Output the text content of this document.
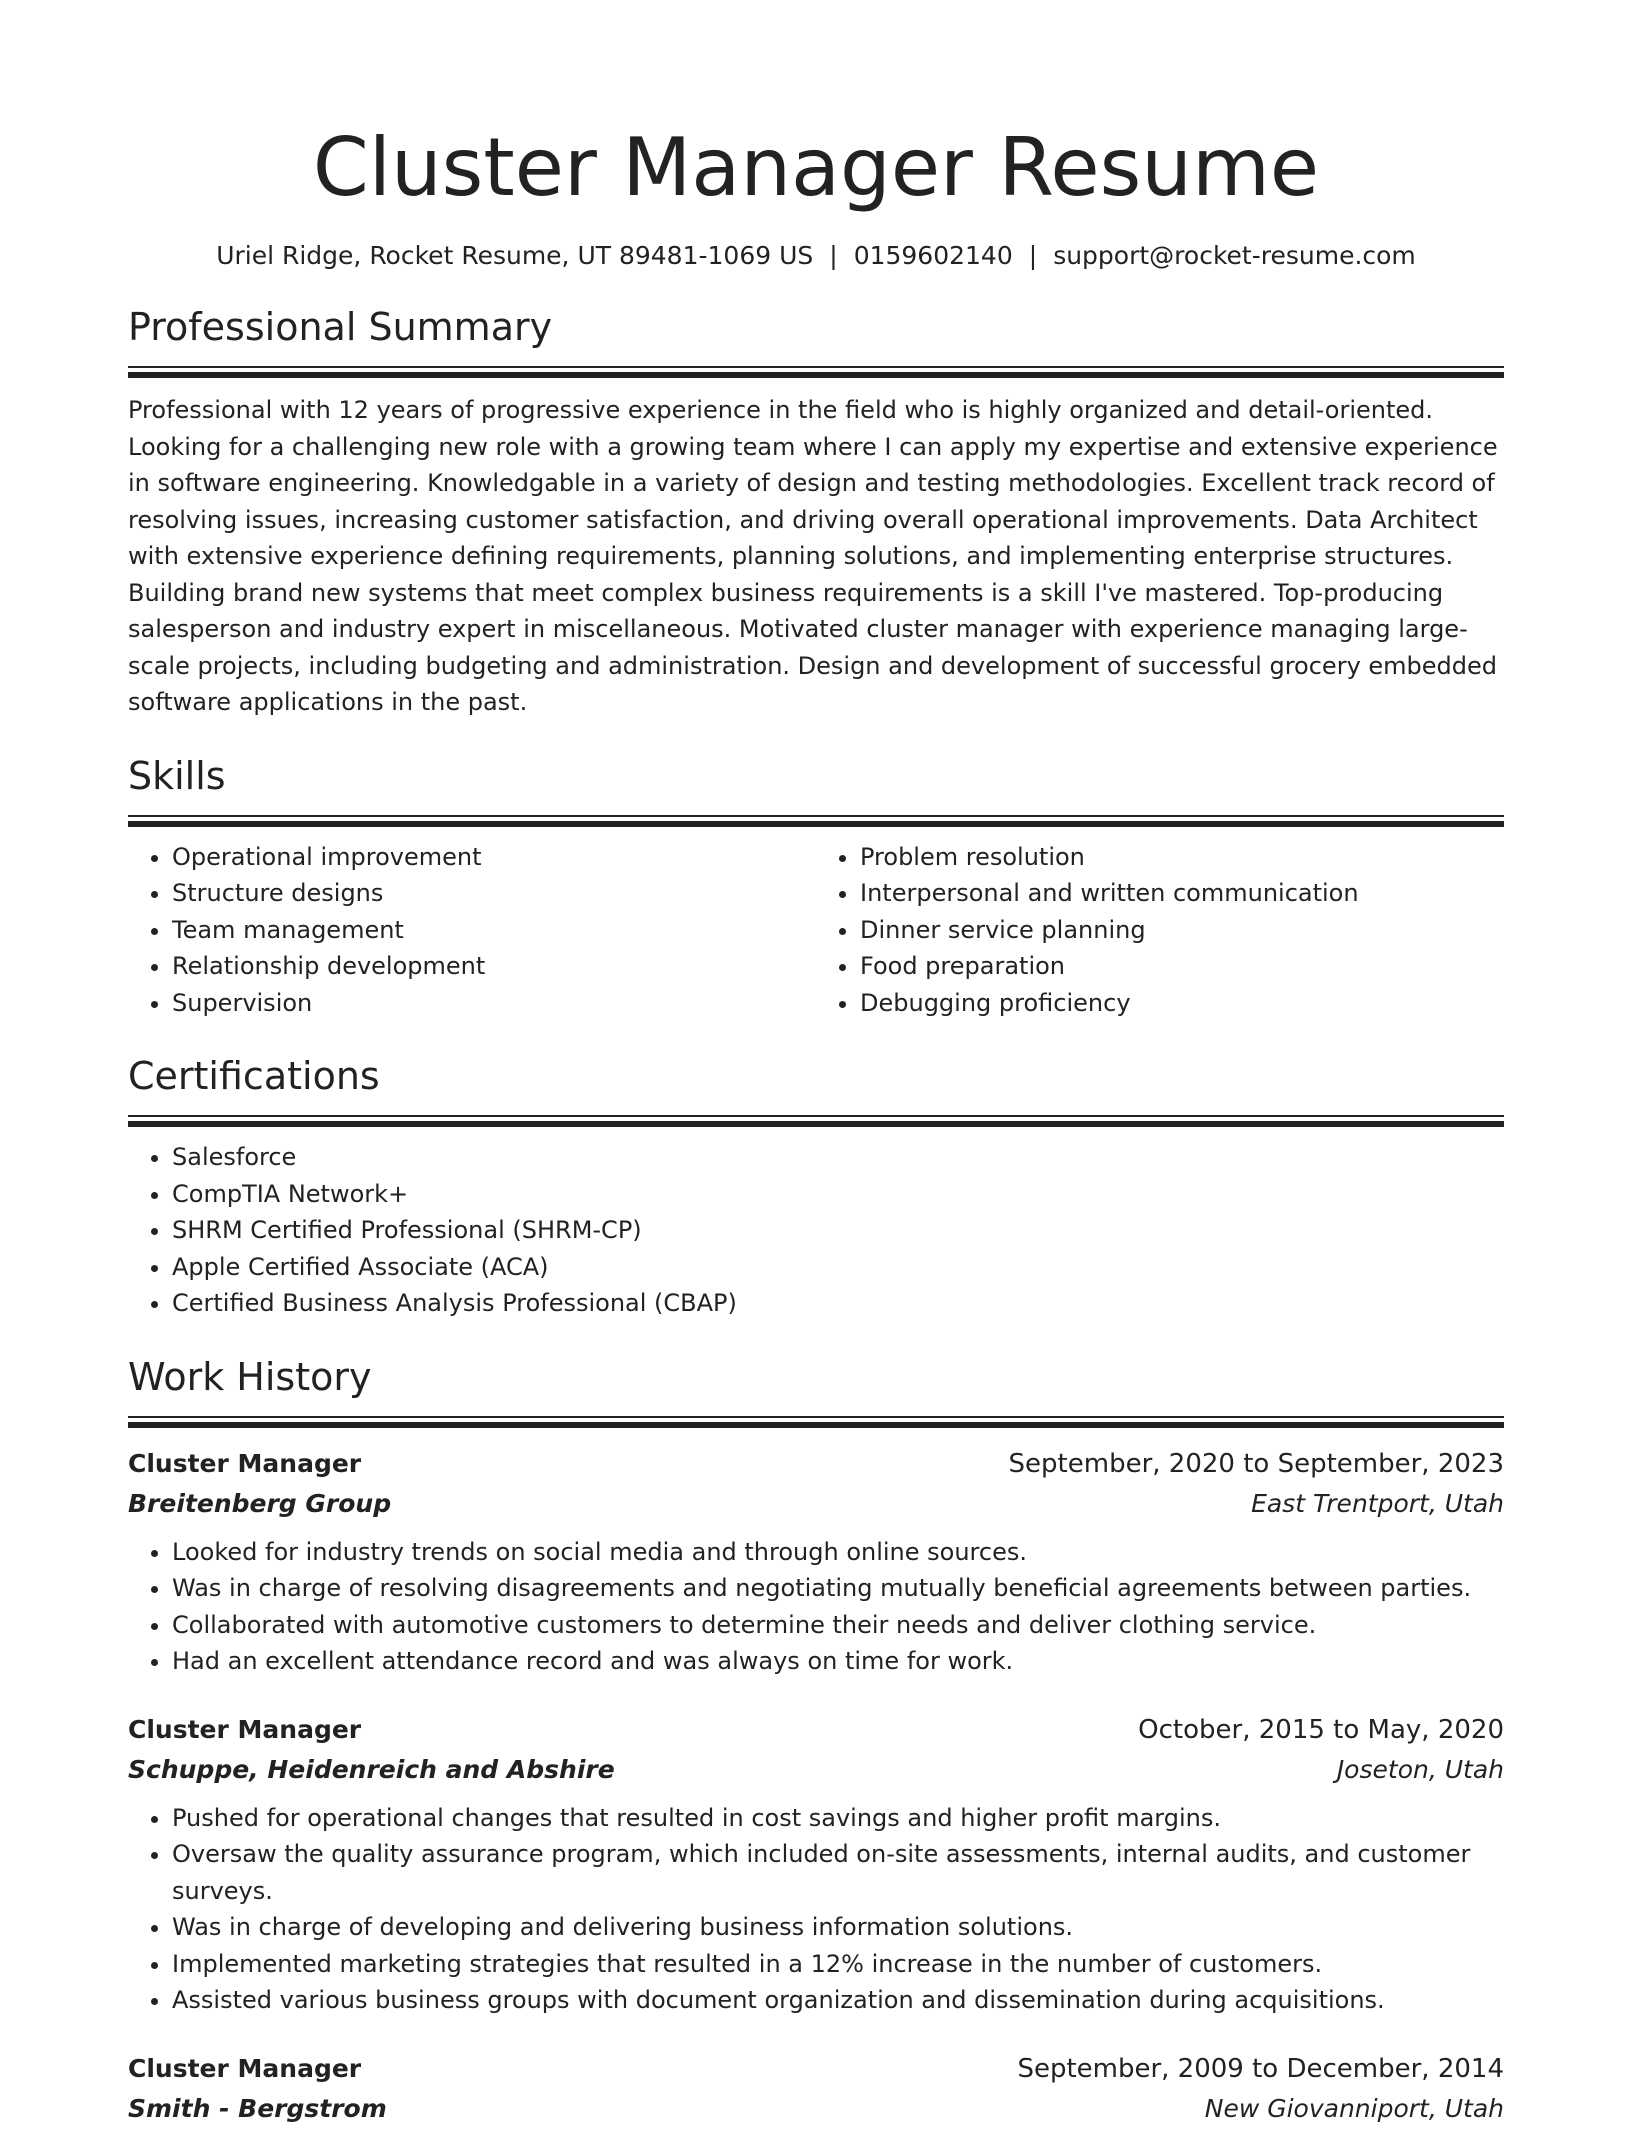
Cluster Manager Resume
Uriel Ridge, Rocket Resume, UT 89481-1069 US | 0159602140 | support@rocket-resume.com
Professional Summary

Professional with 12 years of progressive experience in the field who is highly organized and detail-oriented. Looking for a challenging new role with a growing team where I can apply my expertise and extensive experience in software engineering. Knowledgable in a variety of design and testing methodologies. Excellent track record of resolving issues, increasing customer satisfaction, and driving overall operational improvements. Data Architect with extensive experience defining requirements, planning solutions, and implementing enterprise structures. Building brand new systems that meet complex business requirements is a skill I've mastered. Top-producing salesperson and industry expert in miscellaneous. Motivated cluster manager with experience managing large-scale projects, including budgeting and administration. Design and development of successful grocery embedded software applications in the past.

Skills
• Operational improvement
• Structure designs
• Team management
• Relationship development
• Supervision
• Problem resolution
• Interpersonal and written communication
• Dinner service planning
• Food preparation
• Debugging proficiency
Certifications
• Salesforce
• CompTIA Network+
• SHRM Certified Professional (SHRM-CP)
• Apple Certified Associate (ACA)
• Certified Business Analysis Professional (CBAP)
Work History
Cluster Manager	September, 2020 to September, 2023
Breitenberg Group	East Trentport, Utah
• Looked for industry trends on social media and through online sources.
• Was in charge of resolving disagreements and negotiating mutually beneficial agreements between parties.
• Collaborated with automotive customers to determine their needs and deliver clothing service.
• Had an excellent attendance record and was always on time for work.
Cluster Manager	October, 2015 to May, 2020
Schuppe, Heidenreich and Abshire	Joseton, Utah
• Pushed for operational changes that resulted in cost savings and higher profit margins.
• Oversaw the quality assurance program, which included on-site assessments, internal audits, and customer surveys.
• Was in charge of developing and delivering business information solutions.
• Implemented marketing strategies that resulted in a 12% increase in the number of customers.
• Assisted various business groups with document organization and dissemination during acquisitions.
Cluster Manager	September, 2009 to December, 2014
Smith - Bergstrom	New Giovanniport, Utah
